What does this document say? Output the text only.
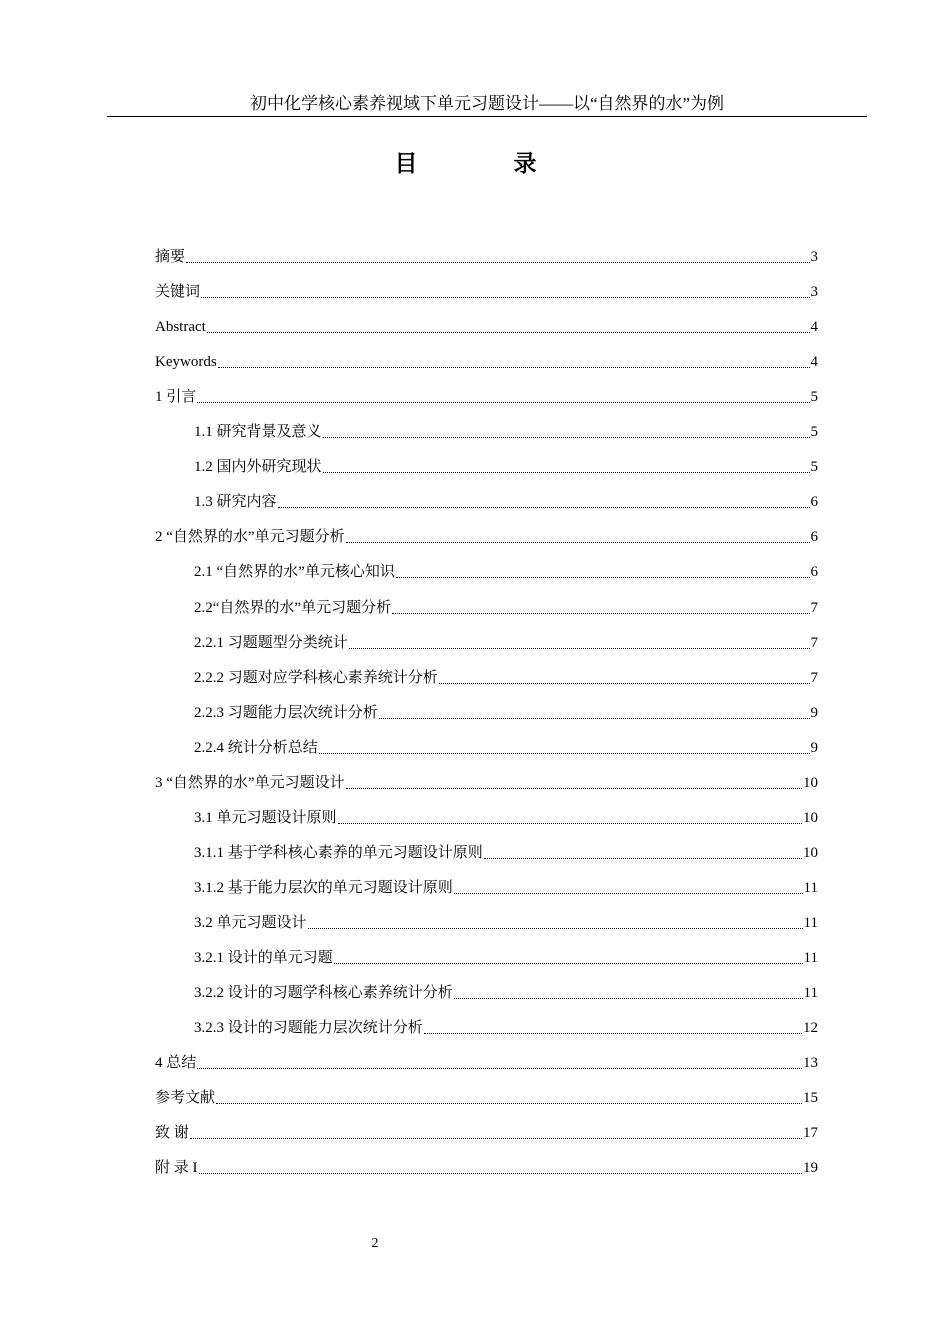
初中化学核心素养视域下单元习题设计——以“自然界的水”为例
目 录
摘要	3
关键词	3
Abstract	4
Keywords	4
1 引言	5
1.1 研究背景及意义	5
1.2 国内外研究现状	5
1.3 研究内容	6
2 “自然界的水”单元习题分析	6
2.1 “自然界的水”单元核心知识	6
2.2“自然界的水”单元习题分析	7
2.2.1 习题题型分类统计	7
2.2.2 习题对应学科核心素养统计分析	7
2.2.3 习题能力层次统计分析	9
2.2.4 统计分析总结	9
3 “自然界的水”单元习题设计	10
3.1 单元习题设计原则	10
3.1.1 基于学科核心素养的单元习题设计原则	10
3.1.2 基于能力层次的单元习题设计原则	11
3.2 单元习题设计	11
3.2.1 设计的单元习题	11
3.2.2 设计的习题学科核心素养统计分析	11
3.2.3 设计的习题能力层次统计分析	12
4 总结	13
参考文献	15
致 谢	17
附 录 I	19
2
